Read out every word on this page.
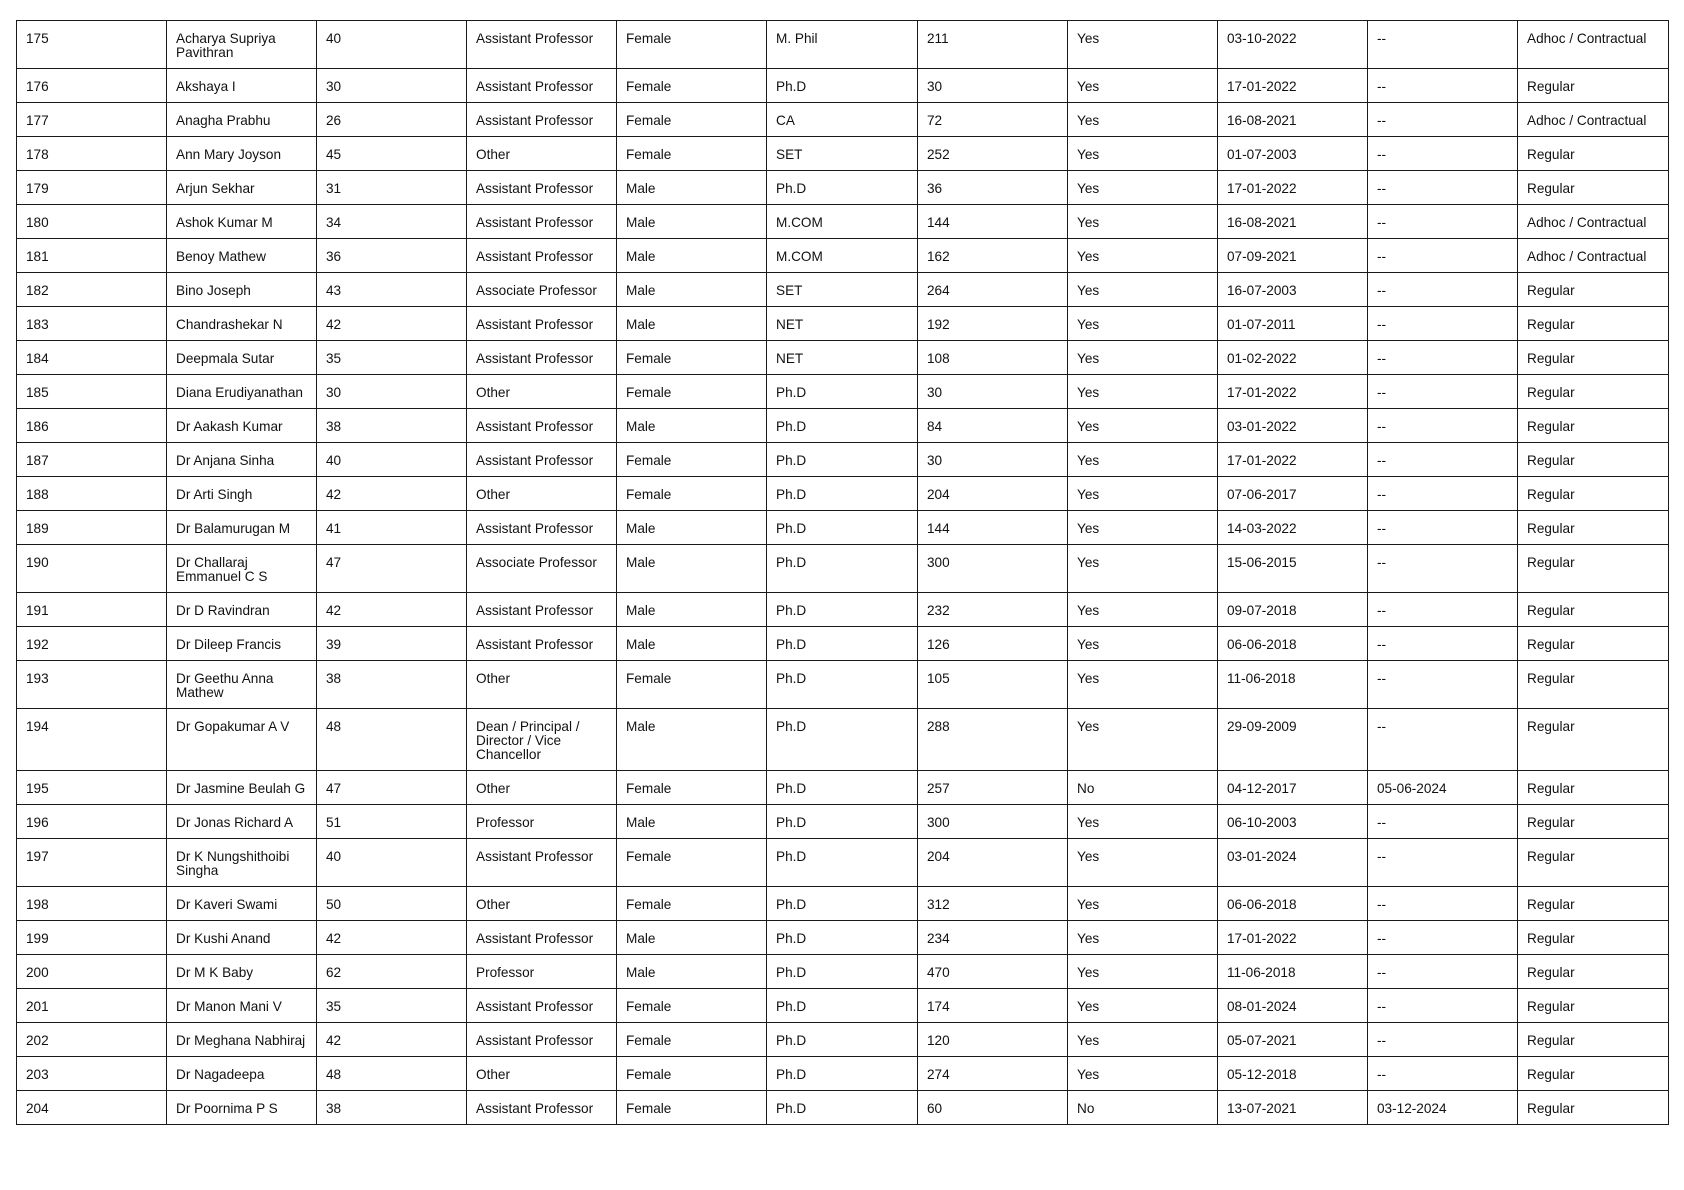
175	Acharya Supriya Pavithran	40	Assistant Professor	Female	M. Phil	211	Yes	03-10-2022	--	Adhoc / Contractual
176	Akshaya I	30	Assistant Professor	Female	Ph.D	30	Yes	17-01-2022	--	Regular
177	Anagha Prabhu	26	Assistant Professor	Female	CA	72	Yes	16-08-2021	--	Adhoc / Contractual
178	Ann Mary Joyson	45	Other	Female	SET	252	Yes	01-07-2003	--	Regular
179	Arjun Sekhar	31	Assistant Professor	Male	Ph.D	36	Yes	17-01-2022	--	Regular
180	Ashok Kumar M	34	Assistant Professor	Male	M.COM	144	Yes	16-08-2021	--	Adhoc / Contractual
181	Benoy Mathew	36	Assistant Professor	Male	M.COM	162	Yes	07-09-2021	--	Adhoc / Contractual
182	Bino Joseph	43	Associate Professor	Male	SET	264	Yes	16-07-2003	--	Regular
183	Chandrashekar N	42	Assistant Professor	Male	NET	192	Yes	01-07-2011	--	Regular
184	Deepmala Sutar	35	Assistant Professor	Female	NET	108	Yes	01-02-2022	--	Regular
185	Diana Erudiyanathan	30	Other	Female	Ph.D	30	Yes	17-01-2022	--	Regular
186	Dr Aakash Kumar	38	Assistant Professor	Male	Ph.D	84	Yes	03-01-2022	--	Regular
187	Dr Anjana Sinha	40	Assistant Professor	Female	Ph.D	30	Yes	17-01-2022	--	Regular
188	Dr Arti Singh	42	Other	Female	Ph.D	204	Yes	07-06-2017	--	Regular
189	Dr Balamurugan M	41	Assistant Professor	Male	Ph.D	144	Yes	14-03-2022	--	Regular
190	Dr Challaraj Emmanuel C S	47	Associate Professor	Male	Ph.D	300	Yes	15-06-2015	--	Regular
191	Dr D Ravindran	42	Assistant Professor	Male	Ph.D	232	Yes	09-07-2018	--	Regular
192	Dr Dileep Francis	39	Assistant Professor	Male	Ph.D	126	Yes	06-06-2018	--	Regular
193	Dr Geethu Anna Mathew	38	Other	Female	Ph.D	105	Yes	11-06-2018	--	Regular
194	Dr Gopakumar A V	48	Dean / Principal / Director / Vice Chancellor	Male	Ph.D	288	Yes	29-09-2009	--	Regular
195	Dr Jasmine Beulah G	47	Other	Female	Ph.D	257	No	04-12-2017	05-06-2024	Regular
196	Dr Jonas Richard A	51	Professor	Male	Ph.D	300	Yes	06-10-2003	--	Regular
197	Dr K Nungshithoibi Singha	40	Assistant Professor	Female	Ph.D	204	Yes	03-01-2024	--	Regular
198	Dr Kaveri Swami	50	Other	Female	Ph.D	312	Yes	06-06-2018	--	Regular
199	Dr Kushi Anand	42	Assistant Professor	Male	Ph.D	234	Yes	17-01-2022	--	Regular
200	Dr M K Baby	62	Professor	Male	Ph.D	470	Yes	11-06-2018	--	Regular
201	Dr Manon Mani V	35	Assistant Professor	Female	Ph.D	174	Yes	08-01-2024	--	Regular
202	Dr Meghana Nabhiraj	42	Assistant Professor	Female	Ph.D	120	Yes	05-07-2021	--	Regular
203	Dr Nagadeepa	48	Other	Female	Ph.D	274	Yes	05-12-2018	--	Regular
204	Dr Poornima P S	38	Assistant Professor	Female	Ph.D	60	No	13-07-2021	03-12-2024	Regular
